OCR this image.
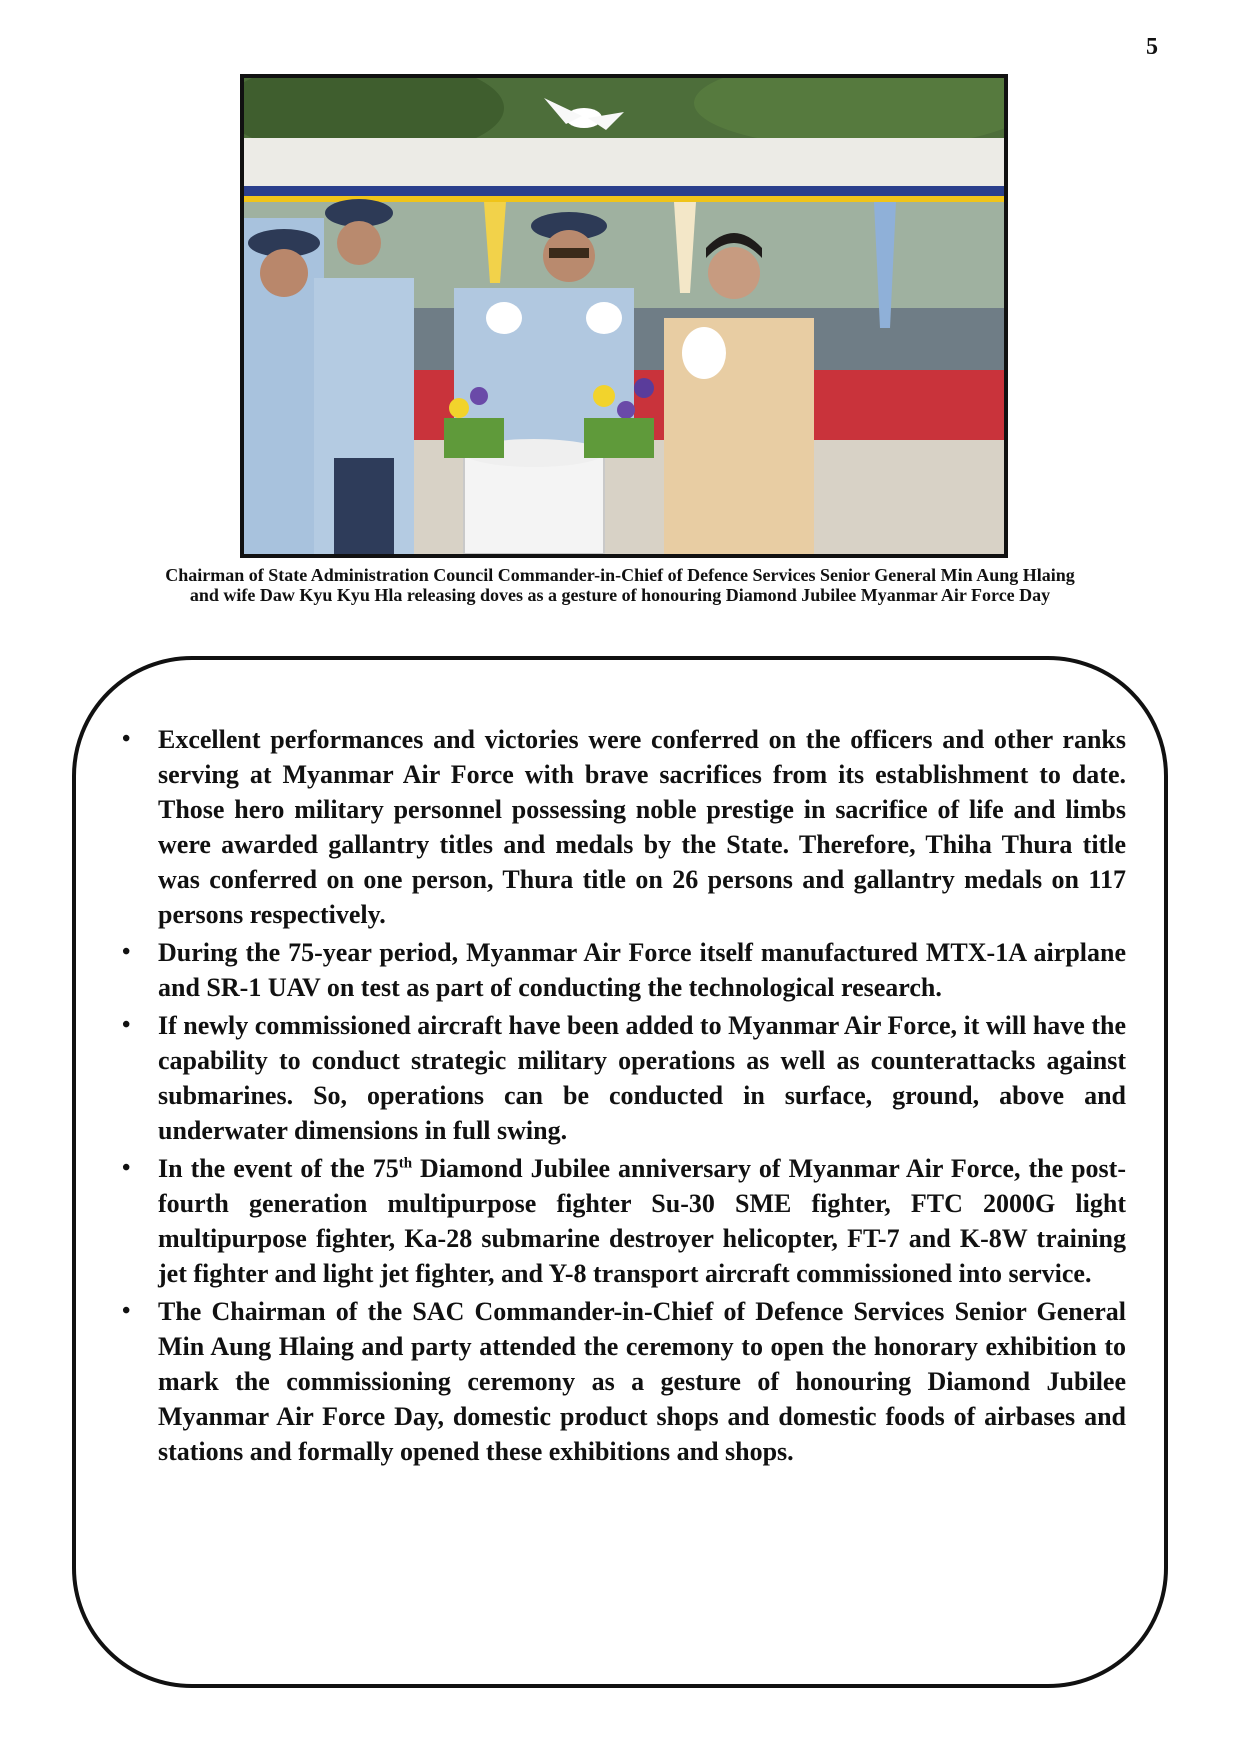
5
Chairman of State Administration Council Commander-in-Chief of Defence Services Senior General Min Aung Hlaing and wife Daw Kyu Kyu Hla releasing doves as a gesture of honouring Diamond Jubilee Myanmar Air Force Day
• Excellent performances and victories were conferred on the officers and other ranks serving at Myanmar Air Force with brave sacrifices from its establishment to date. Those hero military personnel possessing noble prestige in sacrifice of life and limbs were awarded gallantry titles and medals by the State. Therefore, Thiha Thura title was conferred on one person, Thura title on 26 persons and gallantry medals on 117 persons respectively.
• During the 75-year period, Myanmar Air Force itself manufactured MTX-1A airplane and SR-1 UAV on test as part of conducting the technological research.
• If newly commissioned aircraft have been added to Myanmar Air Force, it will have the capability to conduct strategic military operations as well as counterattacks against submarines. So, operations can be conducted in surface, ground, above and underwater dimensions in full swing.
• In the event of the 75th Diamond Jubilee anniversary of Myanmar Air Force, the post-fourth generation multipurpose fighter Su-30 SME fighter, FTC 2000G light multipurpose fighter, Ka-28 submarine destroyer helicopter, FT-7 and K-8W training jet fighter and light jet fighter, and Y-8 transport aircraft commissioned into service.
• The Chairman of the SAC Commander-in-Chief of Defence Services Senior General Min Aung Hlaing and party attended the ceremony to open the honorary exhibition to mark the commissioning ceremony as a gesture of honouring Diamond Jubilee Myanmar Air Force Day, domestic product shops and domestic foods of airbases and stations and formally opened these exhibitions and shops.
